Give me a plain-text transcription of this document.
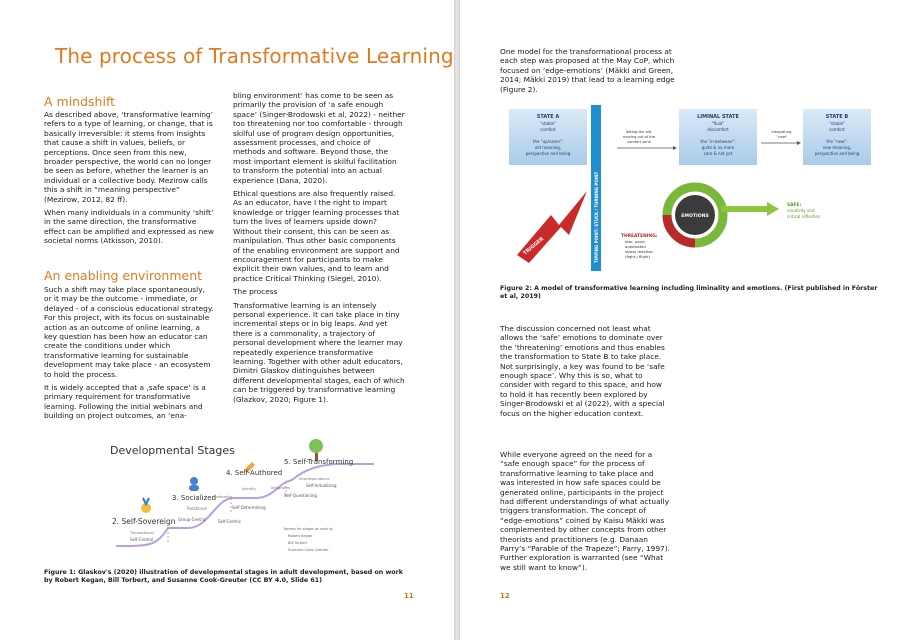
The process of Transformative Learning
A mindshift

As described above, ‘transformative learning’ refers to a type of learning, or change, that is basically irreversible: it stems from insights that cause a shift in values, beliefs, or perceptions. Once seen from this new, broader perspective, the world can no longer be seen as before, whether the learner is an individual or a collective body. Mezirow calls this a shift in “meaning perspective” (Mezirow, 2012, 82 ff).

When many individuals in a community ‘shift’ in the same direction, the transformative effect can be amplified and expressed as new societal norms (Atkisson, 2010).

An enabling environment

Such a shift may take place spontaneously, or it may be the outcome - immediate, or delayed - of a conscious educational strategy. For this project, with its focus on sustainable action as an outcome of online learning, a key question has been how an educator can create the conditions under which transformative learning for sustainable development may take place - an ecosystem to hold the process.

It is widely accepted that a ‚safe space‘ is a primary requirement for transformative learning. Following the initial webinars and building on project outcomes, an ‘ena-

bling environment’ has come to be seen as primarily the provision of ‘a safe enough space’ (Singer-Brodowski et al, 2022) - neither too threatening nor too comfortable - through skilful use of program design opportunities, assessment processes, and choice of methods and software. Beyond those, the most important element is skilful facilitation to transform the potential into an actual experience (Dana, 2020).

Ethical questions are also frequently raised. As an educator, have I the right to impart knowledge or trigger learning processes that turn the lives of learners upside down? Without their consent, this can be seen as manipulation. Thus other basic components of the enabling environment are support and encouragement for participants to make explicit their own values, and to learn and practice Critical Thinking (Siegel, 2010).

The process

Transformative learning is an intensely personal experience. It can take place in tiny incremental steps or in big leaps. And yet there is a commonality, a trajectory of personal development where the learner may repeatedly experience transformative learning. Together with other adult educators, Dimitri Glaskov distinguishes between different developmental stages, each of which can be triggered by transformative learning (Glazkov, 2020; Figure 1).

Developmental Stages
2. Self-Sovereign
Transactional
Self-Control
3. Socialized
Relational
Group-Centric
Conformity
4. Self-Authored
Identity
Self-Determining
Self-Centric
5. Self-Transforming
Interdependence
Self-Actualizing
Self-Questioning
Integrated
Names for stages as used by
Robert Kegan
Bill Torbert
Susanne Cook-Greuter
Figure 1: Glaskov's (2020) illustration of developmental stages in adult development, based on work by Robert Kegan, Bill Torbert, and Susanne Cook-Greuter (CC BY 4.0, Slide 61)
11
One model for the transformational process at each step was proposed at the May CoP, which focused on ‘edge-emotions’ (Mäkki and Green, 2014; Mäkki 2019) that lead to a learning edge (Figure 2).
STATE A
"stable"
comfort
the "up/same":
old meaning,
perspective and being
TIPPING POINT: STUCK / TURNING POINT
letting the old,
moving out of the
comfort zone
LIMINAL STATE
"fluid"
discomfort
the "in-between":
quite & no more
care & not yet
integrating,
"new"
STATE B
"stable"
comfort
the "new":
new meaning,
perspective and being
TRIGGER
EMOTIONS
SAFE:
creativity and
critical reflection
THREATENING:
fear, panic
automated
stress reaction
(fight / flight)
Figure 2: A model of transformative learning including liminality and emotions. (First published in Förster et al, 2019)
The discussion concerned not least what allows the ‘safe’ emotions to dominate over the ‘threatening’ emotions and thus enables the transformation to State B to take place. Not surprisingly, a key was found to be ‘safe enough space’. Why this is so, what to consider with regard to this space, and how to hold it has recently been explored by Singer-Brodowski et al (2022), with a special focus on the higher education context.
While everyone agreed on the need for a “safe enough space” for the process of transformative learning to take place and was interested in how safe spaces could be generated online, participants in the project had different understandings of what actually triggers transformation. The concept of “edge-emotions” coined by Kaisu Mäkki was complemented by other concepts from other theorists and practitioners (e.g. Danaan Parry’s “Parable of the Trapeze”; Parry, 1997). Further exploration is warranted (see “What we still want to know”).
12
